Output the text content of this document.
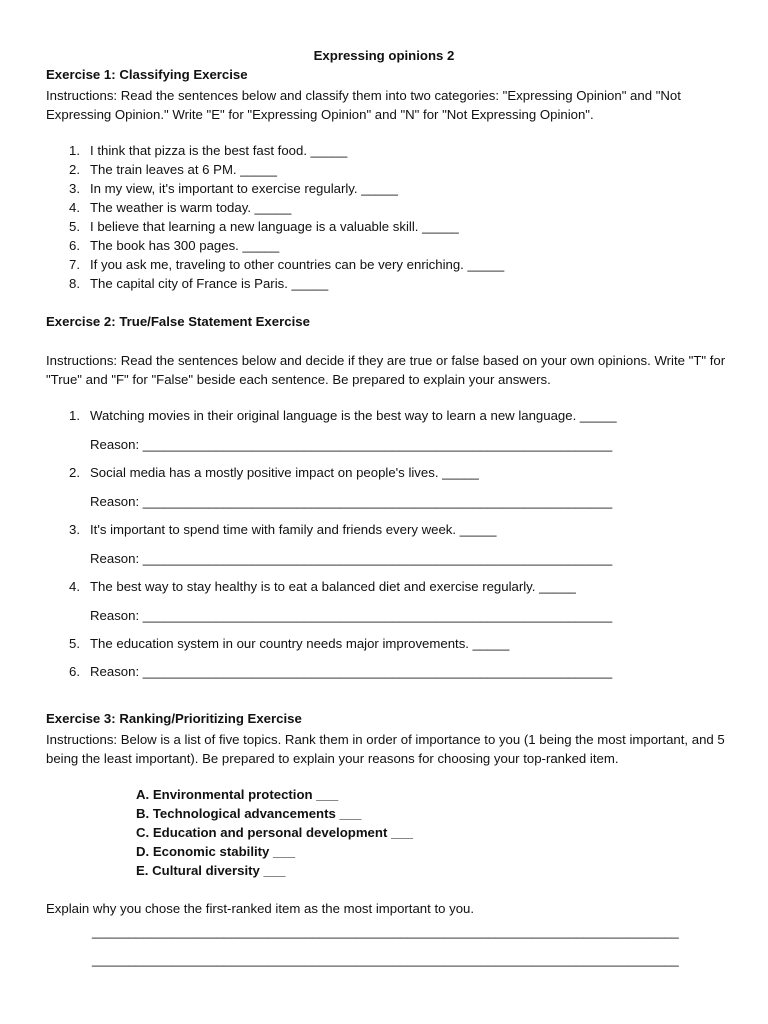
Expressing opinions 2
Exercise 1: Classifying Exercise
Instructions: Read the sentences below and classify them into two categories: "Expressing Opinion" and "Not Expressing Opinion." Write "E" for "Expressing Opinion" and "N" for "Not Expressing Opinion".
1. I think that pizza is the best fast food. _____
2. The train leaves at 6 PM. _____
3. In my view, it's important to exercise regularly. _____
4. The weather is warm today. _____
5. I believe that learning a new language is a valuable skill. _____
6. The book has 300 pages. _____
7. If you ask me, traveling to other countries can be very enriching. _____
8. The capital city of France is Paris. _____
Exercise 2: True/False Statement Exercise
Instructions: Read the sentences below and decide if they are true or false based on your own opinions. Write "T" for "True" and "F" for "False" beside each sentence. Be prepared to explain your answers.
1. Watching movies in their original language is the best way to learn a new language. _____
Reason: ________________________________________________________________
2. Social media has a mostly positive impact on people's lives. _____
Reason: ________________________________________________________________
3. It's important to spend time with family and friends every week. _____
Reason: ________________________________________________________________
4. The best way to stay healthy is to eat a balanced diet and exercise regularly. _____
Reason: ________________________________________________________________
5. The education system in our country needs major improvements. _____
6. Reason: ________________________________________________________________
Exercise 3: Ranking/Prioritizing Exercise
Instructions: Below is a list of five topics. Rank them in order of importance to you (1 being the most important, and 5 being the least important). Be prepared to explain your reasons for choosing your top-ranked item.
A. Environmental protection ___
B. Technological advancements ___
C. Education and personal development ___
D. Economic stability ___
E. Cultural diversity ___
Explain why you chose the first-ranked item as the most important to you.
________________________________________________________________________________
________________________________________________________________________________
